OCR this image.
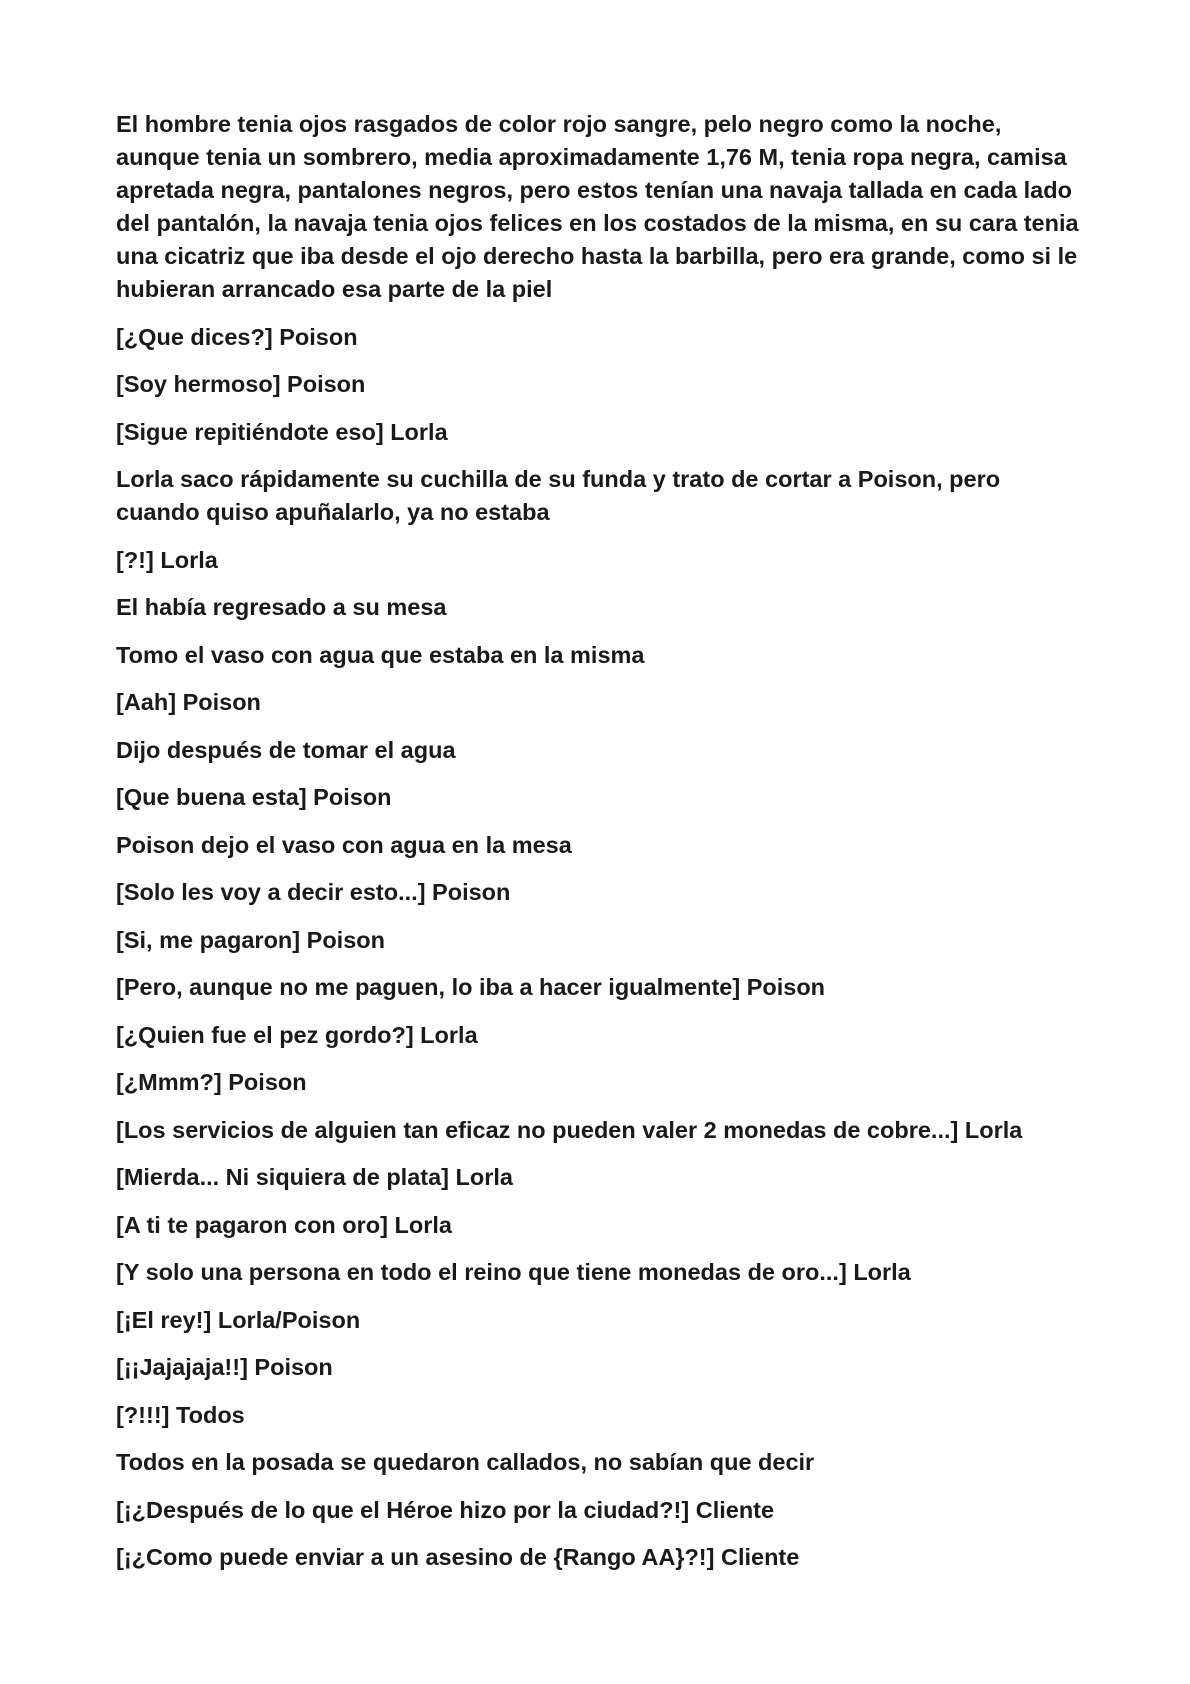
El hombre tenia ojos rasgados de color rojo sangre, pelo negro como la noche, aunque tenia un sombrero, media aproximadamente 1,76 M, tenia ropa negra, camisa apretada negra, pantalones negros, pero estos tenían una navaja tallada en cada lado del pantalón, la navaja tenia ojos felices en los costados de la misma, en su cara tenia una cicatriz que iba desde el ojo derecho hasta la barbilla, pero era grande, como si le hubieran arrancado esa parte de la piel

[¿Que dices?] Poison

[Soy hermoso] Poison

[Sigue repitiéndote eso] Lorla

Lorla saco rápidamente su cuchilla de su funda y trato de cortar a Poison, pero cuando quiso apuñalarlo, ya no estaba

[?!] Lorla

El había regresado a su mesa

Tomo el vaso con agua que estaba en la misma

[Aah] Poison

Dijo después de tomar el agua

[Que buena esta] Poison

Poison dejo el vaso con agua en la mesa

[Solo les voy a decir esto...] Poison

[Si, me pagaron] Poison

[Pero, aunque no me paguen, lo iba a hacer igualmente] Poison

[¿Quien fue el pez gordo?] Lorla

[¿Mmm?] Poison

[Los servicios de alguien tan eficaz no pueden valer 2 monedas de cobre...] Lorla

[Mierda... Ni siquiera de plata] Lorla

[A ti te pagaron con oro] Lorla

[Y solo una persona en todo el reino que tiene monedas de oro...] Lorla

[¡El rey!] Lorla/Poison

[¡¡Jajajaja!!] Poison

[?!!!] Todos

Todos en la posada se quedaron callados, no sabían que decir

[¡¿Después de lo que el Héroe hizo por la ciudad?!] Cliente

[¡¿Como puede enviar a un asesino de {Rango AA}?!] Cliente
